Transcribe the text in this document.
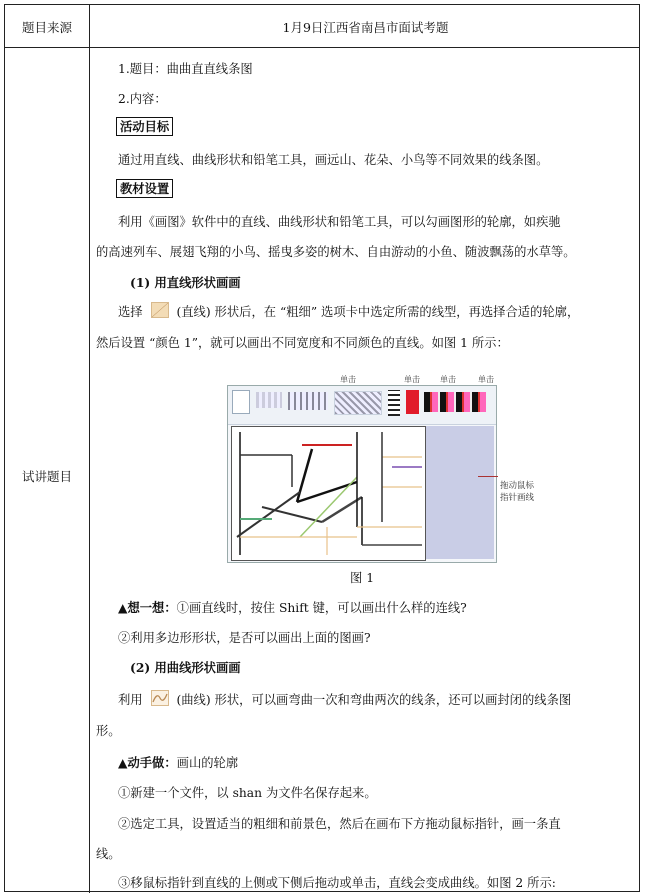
题目来源	1月9日江西省南昌市面试考题
试讲题目
1.题目：曲曲直直线条图
2.内容：
活动目标
通过用直线、曲线形状和铅笔工具，画远山、花朵、小鸟等不同效果的线条图。
教材设置
利用《画图》软件中的直线、曲线形状和铅笔工具，可以勾画图形的轮廓，如疾驰
的高速列车、展翅飞翔的小鸟、摇曳多姿的树木、自由游动的小鱼、随波飘荡的水草等。
(1) 用直线形状画画
选择	(直线) 形状后，在 “粗细” 选项卡中选定所需的线型，再选择合适的轮廓，
然后设置 “颜色 1”，就可以画出不同宽度和不同颜色的直线。如图 1 所示：
单击	单击	单击	单击
拖动鼠标
指针画线
图 1
▲想一想：①画直线时，按住 Shift 键，可以画出什么样的连线?
②利用多边形形状，是否可以画出上面的图画?
(2) 用曲线形状画画
利用	(曲线) 形状，可以画弯曲一次和弯曲两次的线条，还可以画封闭的线条图
形。
▲动手做：画山的轮廓
①新建一个文件，以 shan 为文件名保存起来。
②选定工具，设置适当的粗细和前景色，然后在画布下方拖动鼠标指针，画一条直
线。
③移鼠标指针到直线的上侧或下侧后拖动或单击，直线会变成曲线。如图 2 所示:
